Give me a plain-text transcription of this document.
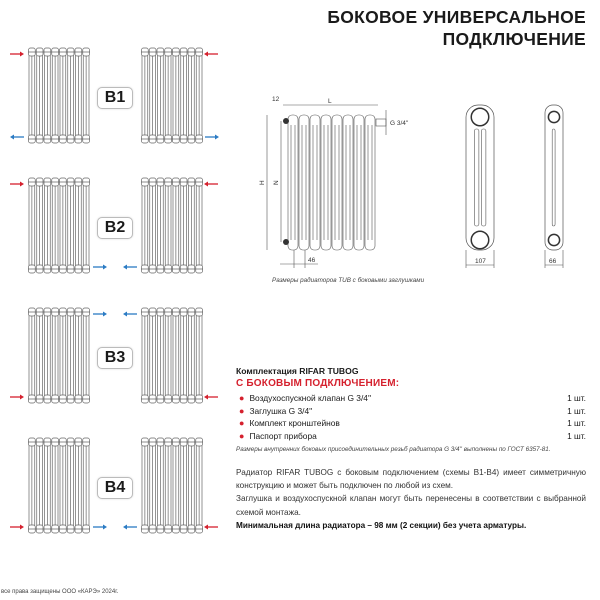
БОКОВОЕ УНИВЕРСАЛЬНОЕ
ПОДКЛЮЧЕНИЕ
B1
B2
B3
B4
G 3/4''
L
12
H N
46	107	66
Размеры радиаторов TUB с боковыми заглушками
Комплектация RIFAR TUBOG
С БОКОВЫМ ПОДКЛЮЧЕНИЕМ:
● Воздухоспускной клапан G 3/4''	1 шт.
● Заглушка G 3/4''	1 шт.
● Комплект кронштейнов	1 шт.
● Паспорт прибора	1 шт.
Размеры внутренних боковых присоединительных резьб радиатора G 3/4'' выполнены по ГОСТ 6357-81.
Радиатор RIFAR TUBOG с боковым подключением (схемы B1-B4) имеет симметричную конструкцию и может быть подключен по любой из схем.
Заглушка и воздухоспускной клапан могут быть перенесены в соответствии с выбранной схемой монтажа.
Минимальная длина радиатора – 98 мм (2 секции) без учета арматуры.
все права защищены ООО «КАРЭ» 2024г.
